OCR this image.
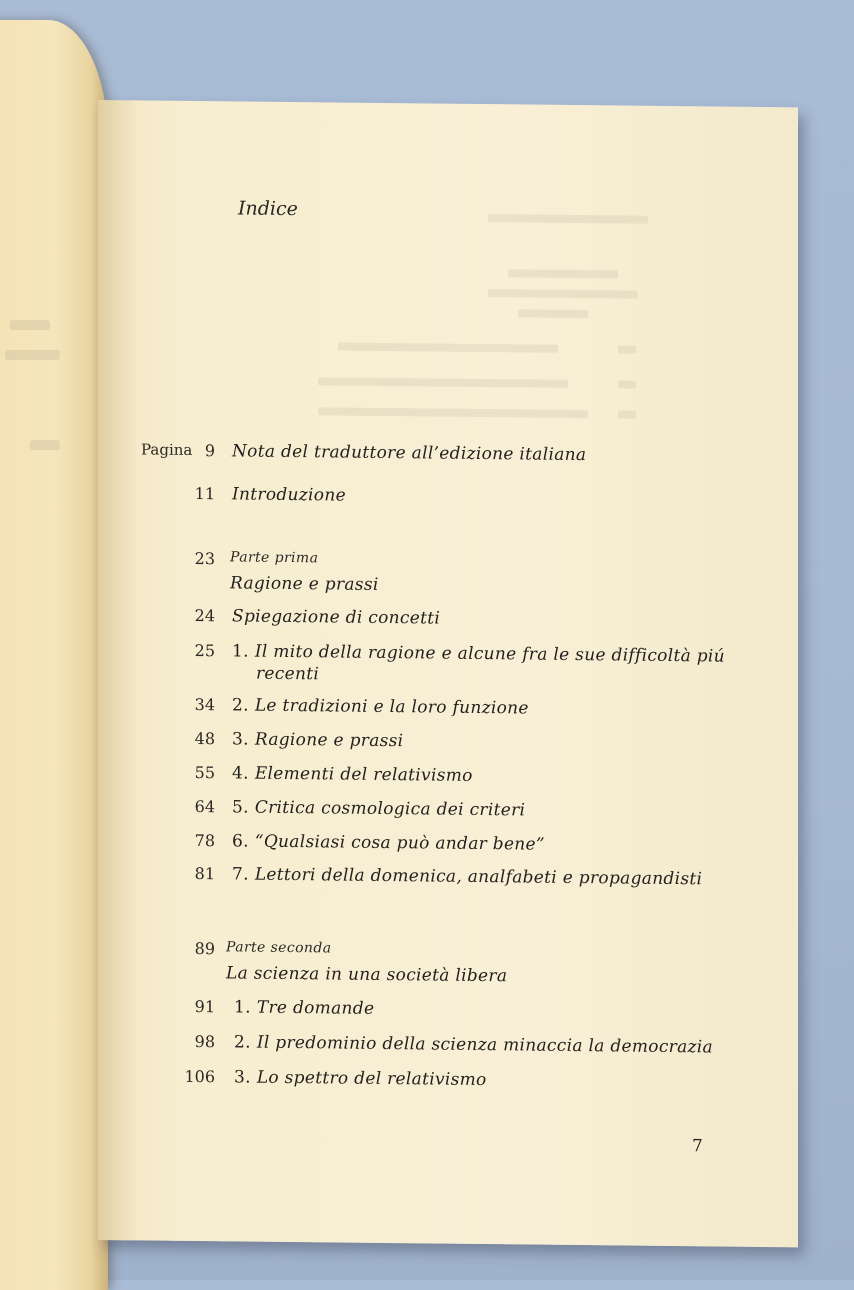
Indice
Pagina 9 Nota del traduttore all’edizione italiana
11 Introduzione
23 Parte prima
Ragione e prassi
24 Spiegazione di concetti
25 1. Il mito della ragione e alcune fra le sue difficoltà piú
recenti
34 2. Le tradizioni e la loro funzione
48 3. Ragione e prassi
55 4. Elementi del relativismo
64 5. Critica cosmologica dei criteri
78 6. “Qualsiasi cosa può andar bene”
81 7. Lettori della domenica, analfabeti e propagandisti
89 Parte seconda
La scienza in una società libera
91 1. Tre domande
98 2. Il predominio della scienza minaccia la democrazia
106 3. Lo spettro del relativismo
7
